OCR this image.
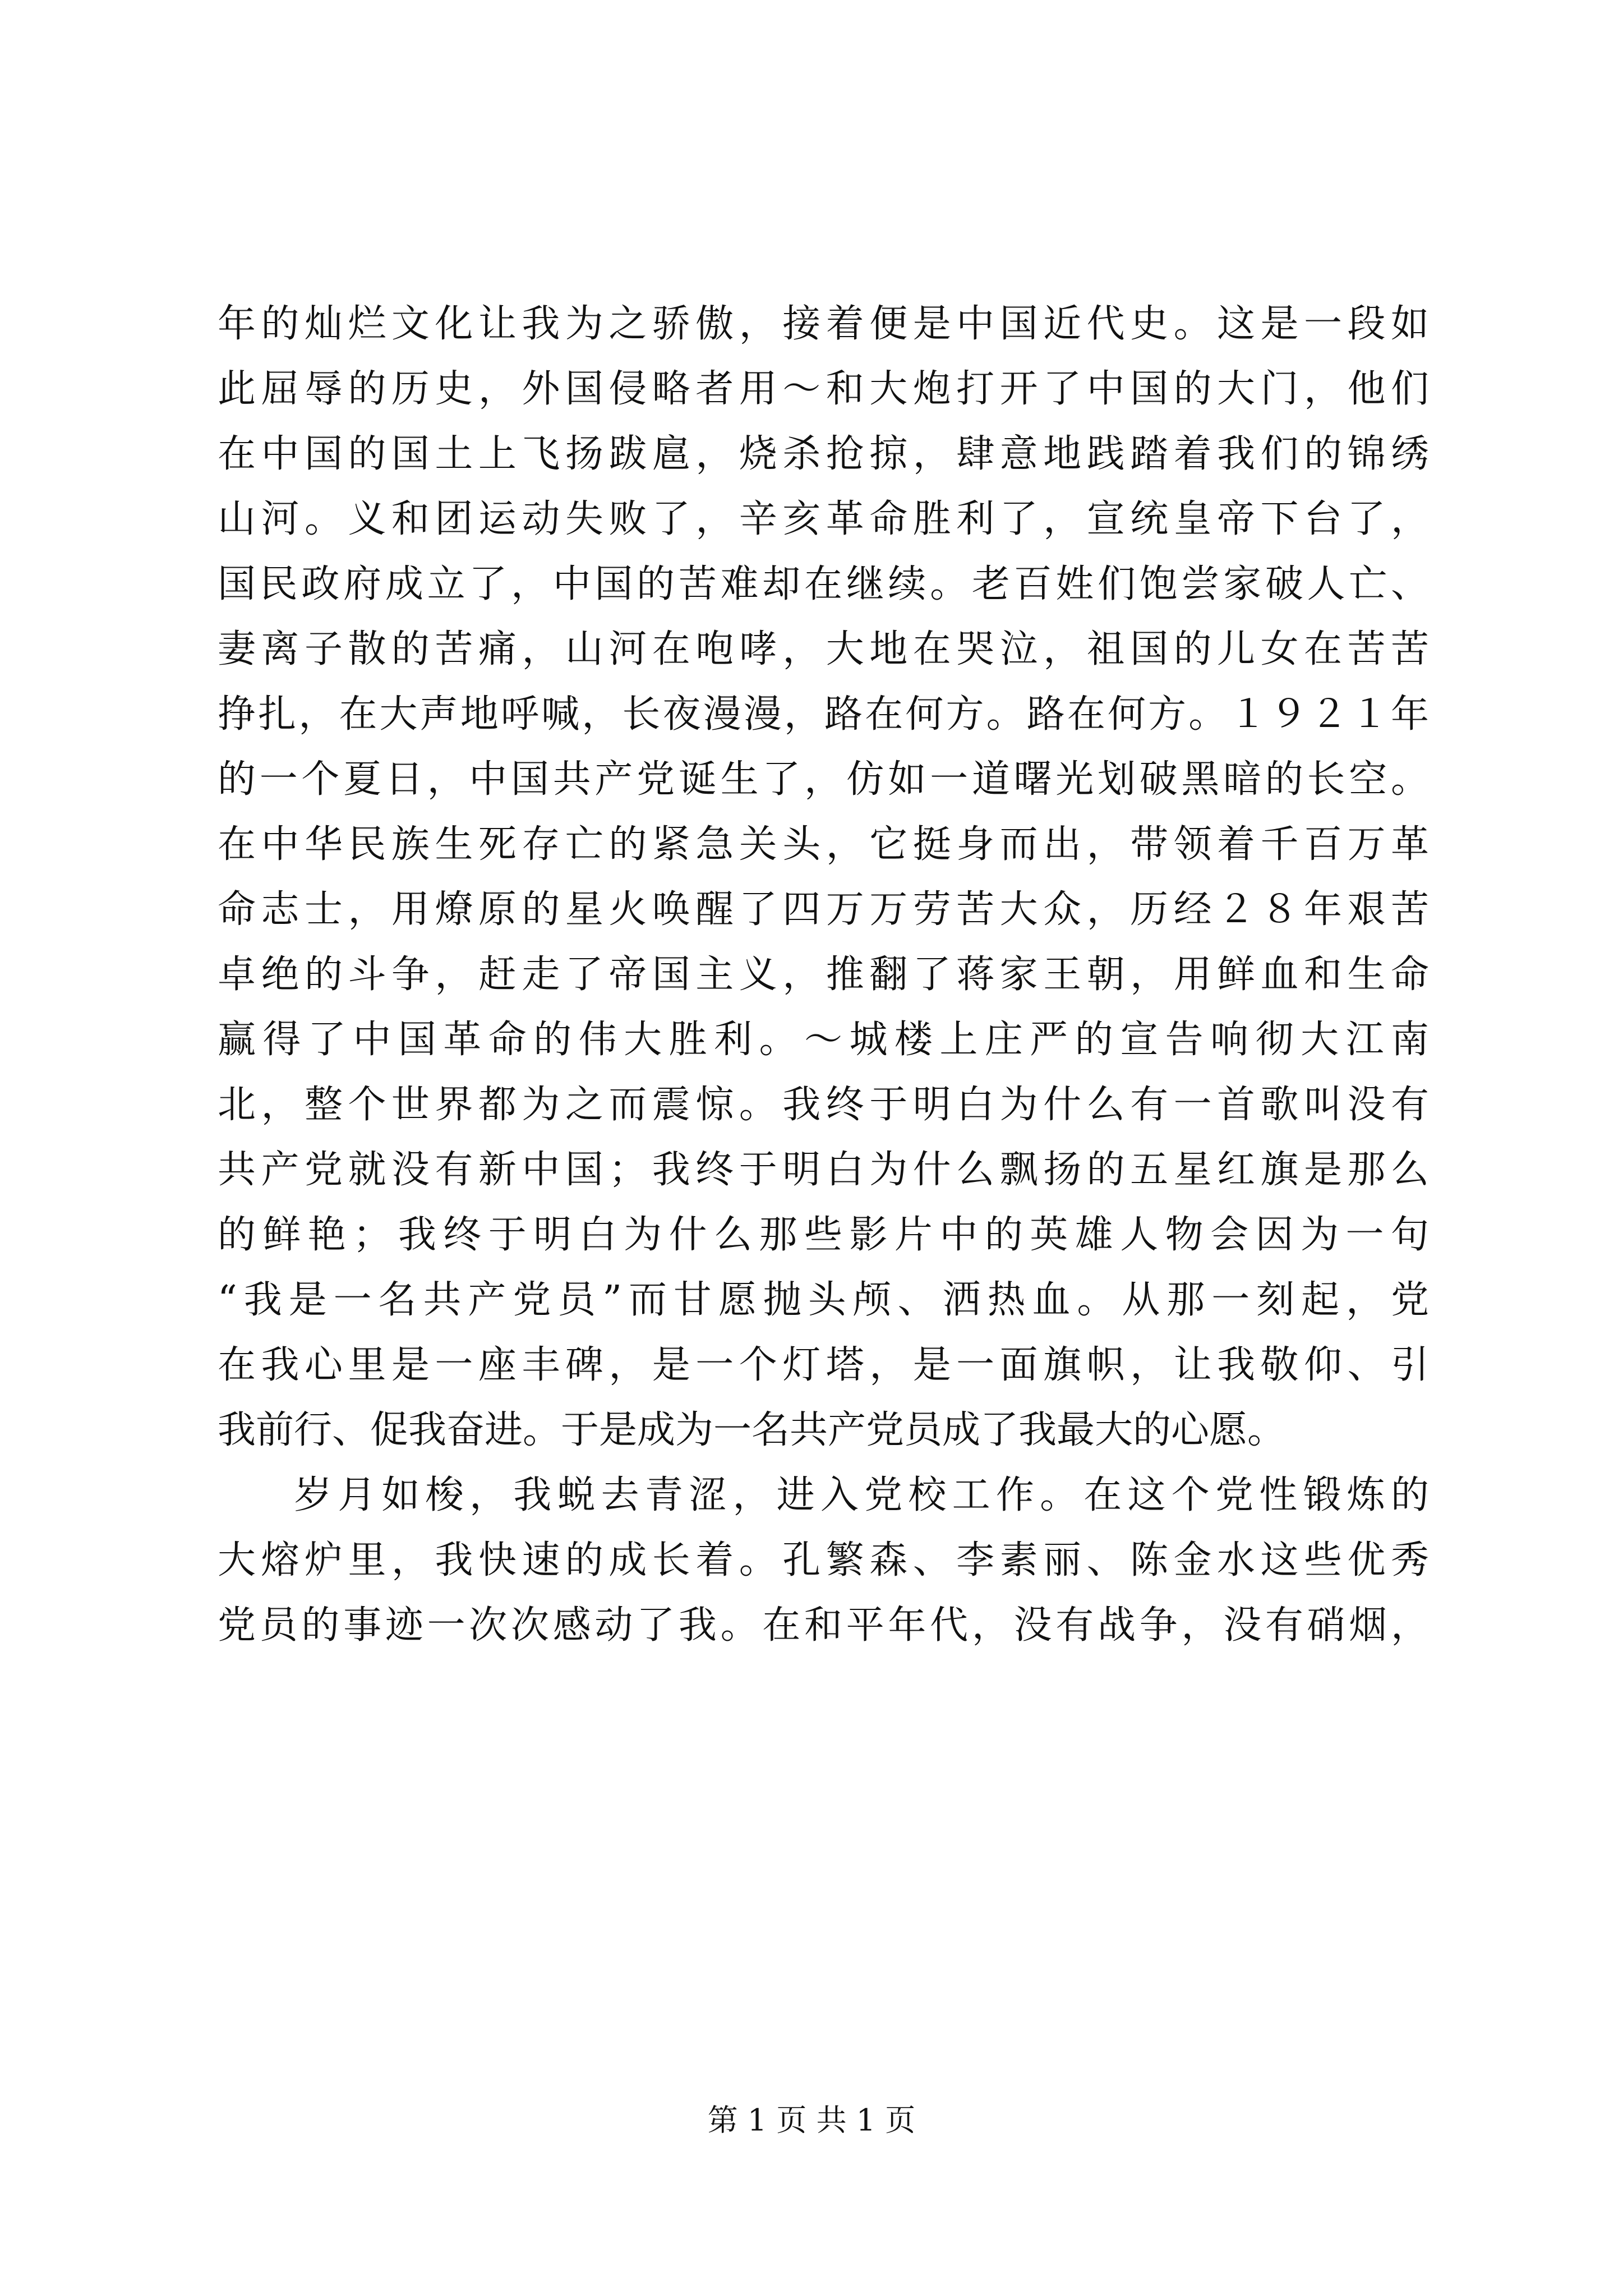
年的灿烂文化让我为之骄傲，接着便是中国近代史。这是一段如
此屈辱的历史，外国侵略者用～和大炮打开了中国的大门，他们
在中国的国土上飞扬跋扈，烧杀抢掠，肆意地践踏着我们的锦绣
山河。义和团运动失败了，辛亥革命胜利了，宣统皇帝下台了，
国民政府成立了，中国的苦难却在继续。老百姓们饱尝家破人亡、
妻离子散的苦痛，山河在咆哮，大地在哭泣，祖国的儿女在苦苦
挣扎，在大声地呼喊，长夜漫漫，路在何方。路在何方。１９２１年
的一个夏日，中国共产党诞生了，仿如一道曙光划破黑暗的长空。
在中华民族生死存亡的紧急关头，它挺身而出，带领着千百万革
命志士，用燎原的星火唤醒了四万万劳苦大众，历经２８年艰苦
卓绝的斗争，赶走了帝国主义，推翻了蒋家王朝，用鲜血和生命
赢得了中国革命的伟大胜利。～城楼上庄严的宣告响彻大江南
北，整个世界都为之而震惊。我终于明白为什么有一首歌叫没有
共产党就没有新中国；我终于明白为什么飘扬的五星红旗是那么
的鲜艳；我终于明白为什么那些影片中的英雄人物会因为一句
“我是一名共产党员”而甘愿抛头颅、洒热血。从那一刻起，党
在我心里是一座丰碑，是一个灯塔，是一面旗帜，让我敬仰、引
我前行、促我奋进。于是成为一名共产党员成了我最大的心愿。
岁月如梭，我蜕去青涩，进入党校工作。在这个党性锻炼的
大熔炉里，我快速的成长着。孔繁森、李素丽、陈金水这些优秀
党员的事迹一次次感动了我。在和平年代，没有战争，没有硝烟，
第 1 页 共 1 页
